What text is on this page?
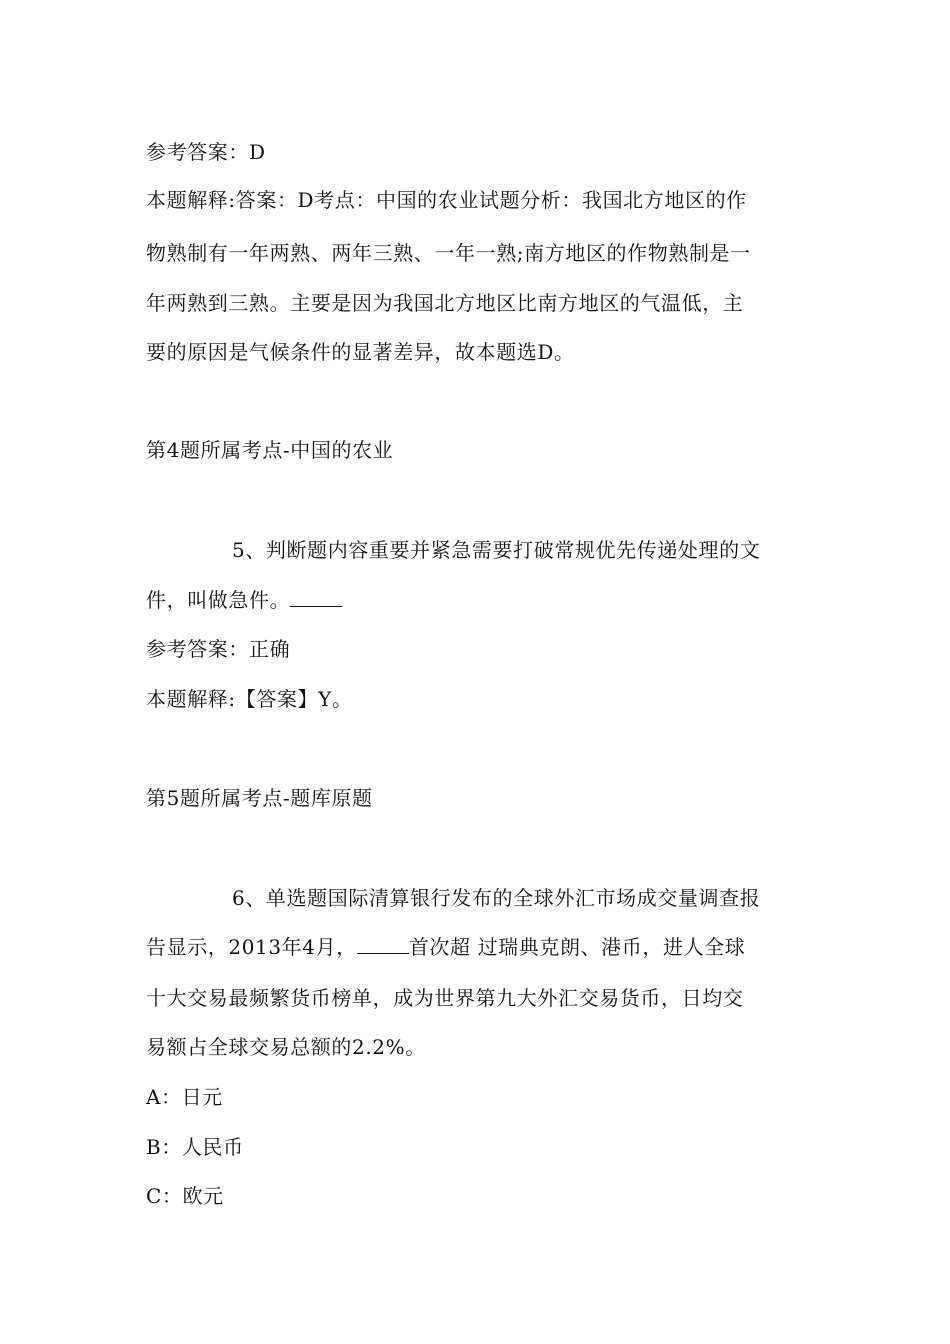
参考答案：D
本题解释:答案：D考点：中国的农业试题分析：我国北方地区的作
物熟制有一年两熟、两年三熟、一年一熟;南方地区的作物熟制是一
年两熟到三熟。主要是因为我国北方地区比南方地区的气温低，主
要的原因是气候条件的显著差异，故本题选D。
第4题所属考点-中国的农业
5、判断题内容重要并紧急需要打破常规优先传递处理的文
件，叫做急件。
参考答案：正确
本题解释:【答案】Y。
第5题所属考点-题库原题
6、单选题国际清算银行发布的全球外汇市场成交量调查报
告显示，2013年4月，	首次超 过瑞典克朗、港币，进人全球
十大交易最频繁货币榜单，成为世界第九大外汇交易货币，日均交
易额占全球交易总额的2.2%。
A：日元
B：人民币
C：欧元
